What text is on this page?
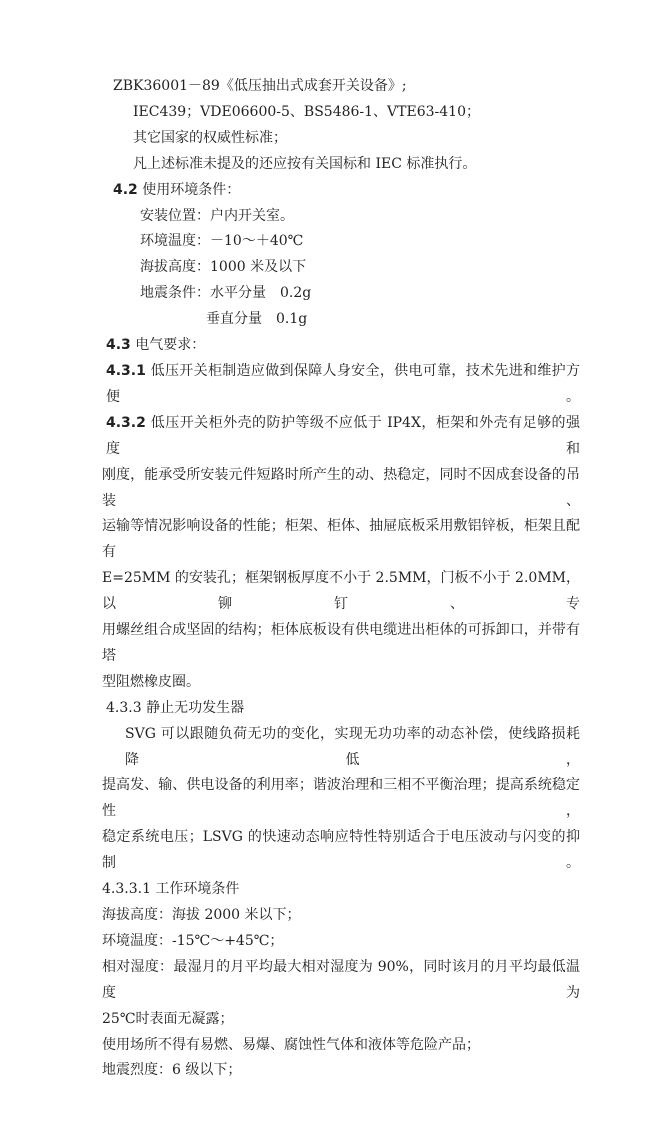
ZBK36001－89《低压抽出式成套开关设备》;
IEC439；VDE06600-5、BS5486-1、VTE63-410；
其它国家的权威性标准；
凡上述标准未提及的还应按有关国标和 IEC 标准执行。
4.2 使用环境条件：
安装位置：户内开关室。
环境温度：－10～＋40℃
海拔高度：1000 米及以下
地震条件：水平分量　0.2g
垂直分量　0.1g
4.3 电气要求：
4.3.1 低压开关柜制造应做到保障人身安全，供电可靠，技术先进和维护方便。
4.3.2 低压开关柜外壳的防护等级不应低于 IP4X，柜架和外壳有足够的强度和
刚度，能承受所安装元件短路时所产生的动、热稳定，同时不因成套设备的吊装、
运输等情况影响设备的性能；柜架、柜体、抽屉底板采用敷铝锌板，柜架且配有
E=25MM 的安装孔；框架钢板厚度不小于 2.5MM，门板不小于 2.0MM，以铆钉、专
用螺丝组合成坚固的结构；柜体底板设有供电缆进出柜体的可拆卸口，并带有塔
型阻燃橡皮圈。
4.3.3 静止无功发生器
SVG 可以跟随负荷无功的变化，实现无功功率的动态补偿，使线路损耗降低，
提高发、输、供电设备的利用率；谐波治理和三相不平衡治理；提高系统稳定性，
稳定系统电压；LSVG 的快速动态响应特性特别适合于电压波动与闪变的抑制。
4.3.3.1 工作环境条件
海拔高度：海拔 2000 米以下；
环境温度：-15℃～+45℃；
相对湿度：最湿月的月平均最大相对湿度为 90%，同时该月的月平均最低温度为
25℃时表面无凝露；
使用场所不得有易燃、易爆、腐蚀性气体和液体等危险产品；
地震烈度：6 级以下；
